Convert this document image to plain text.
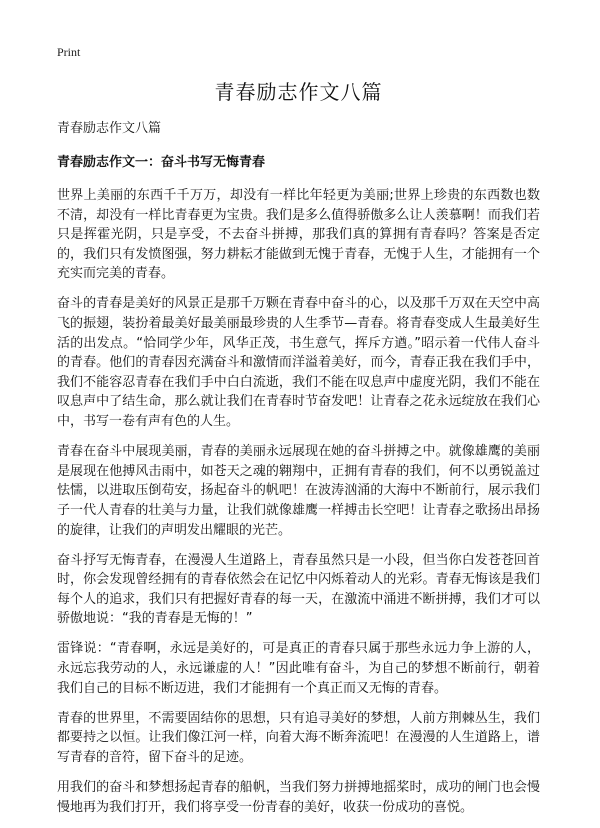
Print
青春励志作文八篇
青春励志作文八篇
青春励志作文一：奋斗书写无悔青春

世界上美丽的东西千千万万，却没有一样比年轻更为美丽;世界上珍贵的东西数也数不清，却没有一样比青春更为宝贵。我们是多么值得骄傲多么让人羡慕啊！而我们若只是挥霍光阴，只是享受，不去奋斗拼搏，那我们真的算拥有青春吗？答案是否定的，我们只有发愤图强，努力耕耘才能做到无愧于青春，无愧于人生，才能拥有一个充实而完美的青春。

奋斗的青春是美好的风景正是那千万颗在青春中奋斗的心，以及那千万双在天空中高飞的振翅，装扮着最美好最美丽最珍贵的人生季节—青春。将青春变成人生最美好生活的出发点。“恰同学少年，风华正茂，书生意气，挥斥方遒。”昭示着一代伟人奋斗的青春。他们的青春因充满奋斗和激情而洋溢着美好，而今，青春正我在我们手中，我们不能容忍青春在我们手中白白流逝，我们不能在叹息声中虚度光阴，我们不能在叹息声中了结生命，那么就让我们在青春时节奋发吧！让青春之花永远绽放在我们心中，书写一卷有声有色的人生。

青春在奋斗中展现美丽，青春的美丽永远展现在她的奋斗拼搏之中。就像雄鹰的美丽是展现在他搏风击雨中，如苍天之魂的翱翔中，正拥有青春的我们，何不以勇锐盖过怯懦，以进取压倒苟安，扬起奋斗的帆吧！在波涛汹涌的大海中不断前行，展示我们子一代人青春的壮美与力量，让我们就像雄鹰一样搏击长空吧！让青春之歌扬出昂扬的旋律，让我们的声明发出耀眼的光芒。

奋斗抒写无悔青春，在漫漫人生道路上，青春虽然只是一小段，但当你白发苍苍回首时，你会发现曾经拥有的青春依然会在记忆中闪烁着动人的光彩。青春无悔该是我们每个人的追求，我们只有把握好青春的每一天，在激流中涌进不断拼搏，我们才可以骄傲地说：“我的青春是无悔的！”

雷锋说：“青春啊，永远是美好的，可是真正的青春只属于那些永远力争上游的人，永远忘我劳动的人，永远谦虚的人！”因此唯有奋斗，为自己的梦想不断前行，朝着我们自己的目标不断迈进，我们才能拥有一个真正而又无悔的青春。

青春的世界里，不需要固结你的思想，只有追寻美好的梦想，人前方荆棘丛生，我们都要持之以恒。让我们像江河一样，向着大海不断奔流吧！在漫漫的人生道路上，谱写青春的音符，留下奋斗的足迹。

用我们的奋斗和梦想扬起青春的船帆，当我们努力拼搏地摇桨时，成功的闸门也会慢慢地再为我们打开，我们将享受一份青春的美好，收获一份成功的喜悦。
